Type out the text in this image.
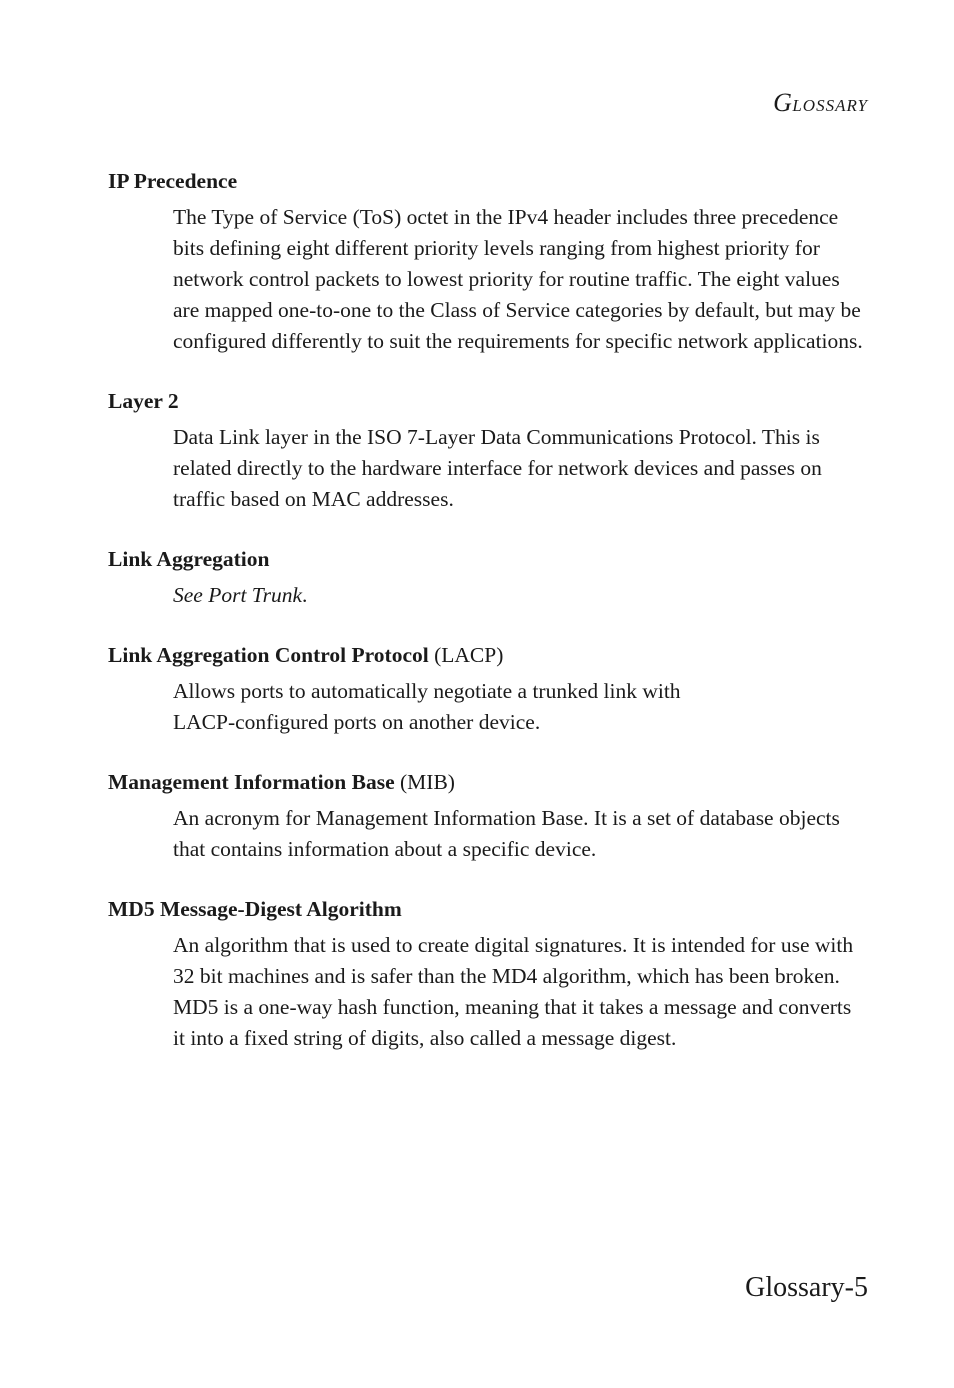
GLOSSARY
IP Precedence
The Type of Service (ToS) octet in the IPv4 header includes three precedence bits defining eight different priority levels ranging from highest priority for network control packets to lowest priority for routine traffic. The eight values are mapped one-to-one to the Class of Service categories by default, but may be configured differently to suit the requirements for specific network applications.
Layer 2
Data Link layer in the ISO 7-Layer Data Communications Protocol. This is related directly to the hardware interface for network devices and passes on traffic based on MAC addresses.
Link Aggregation
See Port Trunk.
Link Aggregation Control Protocol (LACP)
Allows ports to automatically negotiate a trunked link with
LACP-configured ports on another device.
Management Information Base (MIB)
An acronym for Management Information Base. It is a set of database objects that contains information about a specific device.
MD5 Message-Digest Algorithm
An algorithm that is used to create digital signatures. It is intended for use with 32 bit machines and is safer than the MD4 algorithm, which has been broken. MD5 is a one-way hash function, meaning that it takes a message and converts it into a fixed string of digits, also called a message digest.
Glossary-5
